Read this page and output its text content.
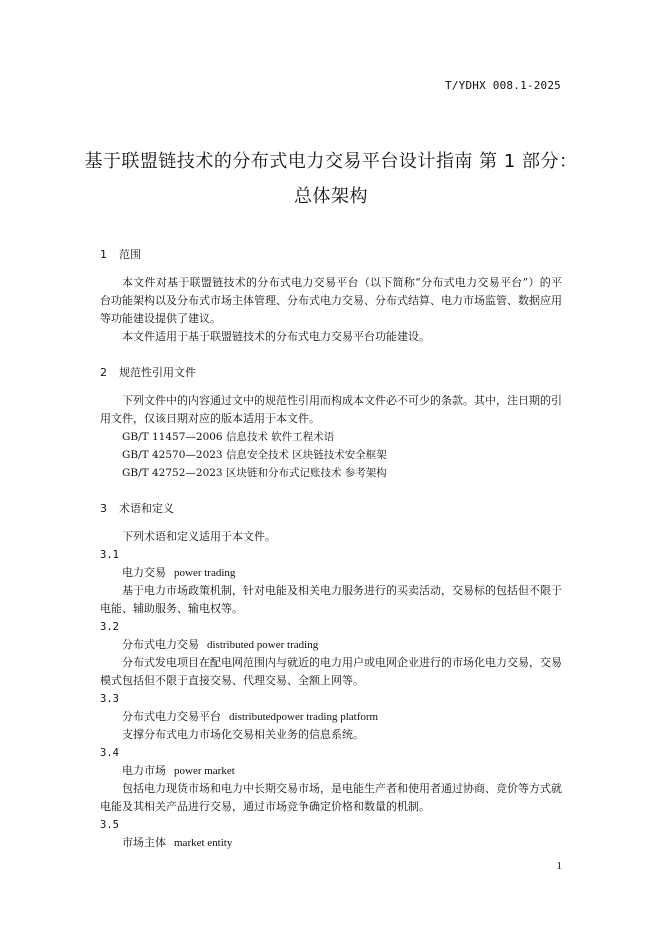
T/YDHX 008.1-2025
基于联盟链技术的分布式电力交易平台设计指南 第 1 部分：
总体架构
1 范围

本文件对基于联盟链技术的分布式电力交易平台（以下简称“分布式电力交易平台”）的平台功能架构以及分布式市场主体管理、分布式电力交易、分布式结算、电力市场监管、数据应用等功能建设提供了建议。

本文件适用于基于联盟链技术的分布式电力交易平台功能建设。

2 规范性引用文件

下列文件中的内容通过文中的规范性引用而构成本文件必不可少的条款。其中，注日期的引用文件，仅该日期对应的版本适用于本文件。

GB/T 11457—2006 信息技术 软件工程术语

GB/T 42570—2023 信息安全技术 区块链技术安全框架

GB/T 42752—2023 区块链和分布式记账技术 参考架构

3 术语和定义

下列术语和定义适用于本文件。

3.1

电力交易 power trading

基于电力市场政策机制，针对电能及相关电力服务进行的买卖活动，交易标的包括但不限于电能、辅助服务、输电权等。

3.2

分布式电力交易 distributed power trading

分布式发电项目在配电网范围内与就近的电力用户或电网企业进行的市场化电力交易，交易模式包括但不限于直接交易、代理交易、全额上网等。

3.3

分布式电力交易平台 distributedpower trading platform

支撑分布式电力市场化交易相关业务的信息系统。

3.4

电力市场 power market

包括电力现货市场和电力中长期交易市场，是电能生产者和使用者通过协商、竞价等方式就电能及其相关产品进行交易，通过市场竞争确定价格和数量的机制。

3.5

市场主体 market entity

1
